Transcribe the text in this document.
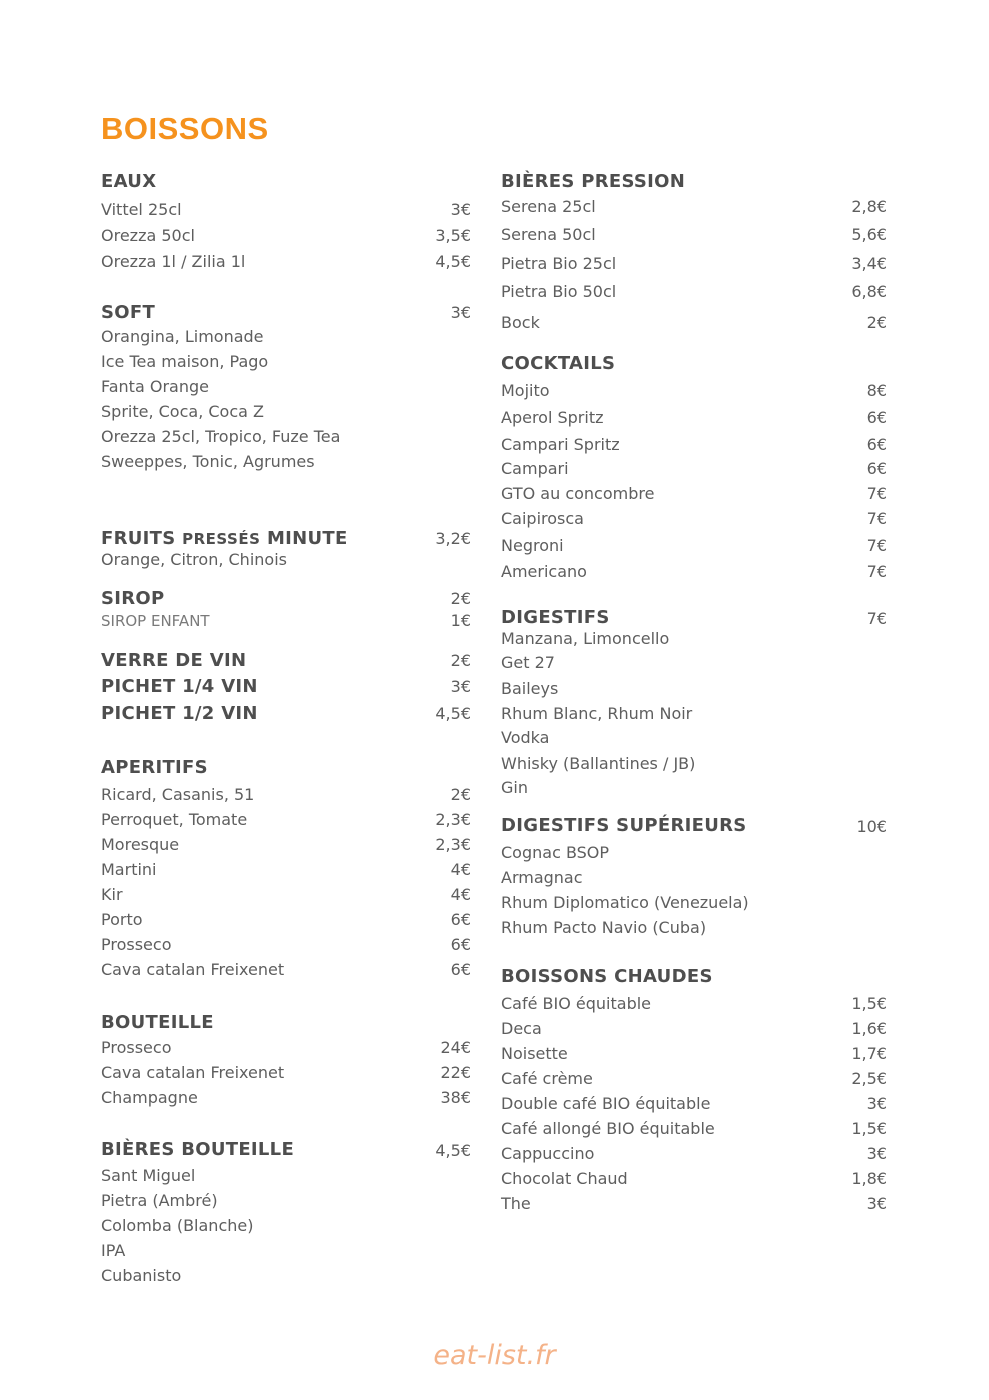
BOISSONS
EAUX
Vittel 25cl	3€
Orezza 50cl	3,5€
Orezza 1l / Zilia 1l	4,5€
SOFT	3€
Orangina, Limonade
Ice Tea maison, Pago
Fanta Orange
Sprite, Coca, Coca Z
Orezza 25cl, Tropico, Fuze Tea
Sweeppes, Tonic, Agrumes
FRUITS PRESSÉS MINUTE	3,2€
Orange, Citron, Chinois
SIROP	2€
SIROP ENFANT	1€
VERRE DE VIN	2€
PICHET 1/4 VIN	3€
PICHET 1/2 VIN	4,5€
APERITIFS
Ricard, Casanis, 51	2€
Perroquet, Tomate	2,3€
Moresque	2,3€
Martini	4€
Kir	4€
Porto	6€
Prosseco	6€
Cava catalan Freixenet	6€
BOUTEILLE
Prosseco	24€
Cava catalan Freixenet	22€
Champagne	38€
BIÈRES BOUTEILLE	4,5€
Sant Miguel
Pietra (Ambré)
Colomba (Blanche)
IPA
Cubanisto
BIÈRES PRESSION
Serena 25cl	2,8€
Serena 50cl	5,6€
Pietra Bio 25cl	3,4€
Pietra Bio 50cl	6,8€
Bock	2€
COCKTAILS
Mojito	8€
Aperol Spritz	6€
Campari Spritz	6€
Campari	6€
GTO au concombre	7€
Caipirosca	7€
Negroni	7€
Americano	7€
DIGESTIFS	7€
Manzana, Limoncello
Get 27
Baileys
Rhum Blanc, Rhum Noir
Vodka
Whisky (Ballantines / JB)
Gin
DIGESTIFS SUPÉRIEURS	10€
Cognac BSOP
Armagnac
Rhum Diplomatico (Venezuela)
Rhum Pacto Navio (Cuba)
BOISSONS CHAUDES
Café BIO équitable	1,5€
Deca	1,6€
Noisette	1,7€
Café crème	2,5€
Double café BIO équitable	3€
Café allongé BIO équitable	1,5€
Cappuccino	3€
Chocolat Chaud	1,8€
The	3€
eat-list.fr
